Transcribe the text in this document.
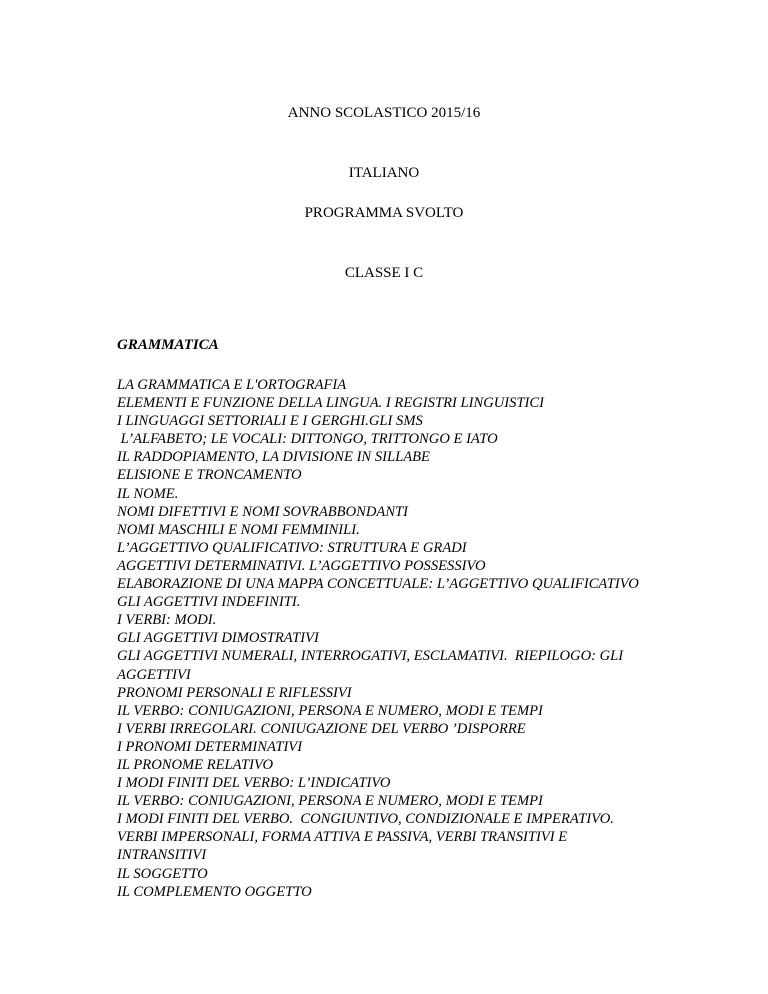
ANNO SCOLASTICO 2015/16
ITALIANO
PROGRAMMA SVOLTO
CLASSE I C
GRAMMATICA
LA GRAMMATICA E L'ORTOGRAFIA
ELEMENTI E FUNZIONE DELLA LINGUA. I REGISTRI LINGUISTICI
I LINGUAGGI SETTORIALI E I GERGHI.GLI SMS
L’ALFABETO; LE VOCALI: DITTONGO, TRITTONGO E IATO
IL RADDOPIAMENTO, LA DIVISIONE IN SILLABE
ELISIONE E TRONCAMENTO
IL NOME.
NOMI DIFETTIVI E NOMI SOVRABBONDANTI
NOMI MASCHILI E NOMI FEMMINILI.
L’AGGETTIVO QUALIFICATIVO: STRUTTURA E GRADI
AGGETTIVI DETERMINATIVI. L’AGGETTIVO POSSESSIVO
ELABORAZIONE DI UNA MAPPA CONCETTUALE: L’AGGETTIVO QUALIFICATIVO
GLI AGGETTIVI INDEFINITI.
I VERBI: MODI.
GLI AGGETTIVI DIMOSTRATIVI
GLI AGGETTIVI NUMERALI, INTERROGATIVI, ESCLAMATIVI.  RIEPILOGO: GLI
AGGETTIVI
PRONOMI PERSONALI E RIFLESSIVI
IL VERBO: CONIUGAZIONI, PERSONA E NUMERO, MODI E TEMPI
I VERBI IRREGOLARI. CONIUGAZIONE DEL VERBO ’DISPORRE
I PRONOMI DETERMINATIVI
IL PRONOME RELATIVO
I MODI FINITI DEL VERBO: L’INDICATIVO
IL VERBO: CONIUGAZIONI, PERSONA E NUMERO, MODI E TEMPI
I MODI FINITI DEL VERBO.  CONGIUNTIVO, CONDIZIONALE E IMPERATIVO.
VERBI IMPERSONALI, FORMA ATTIVA E PASSIVA, VERBI TRANSITIVI E
INTRANSITIVI
IL SOGGETTO
IL COMPLEMENTO OGGETTO
